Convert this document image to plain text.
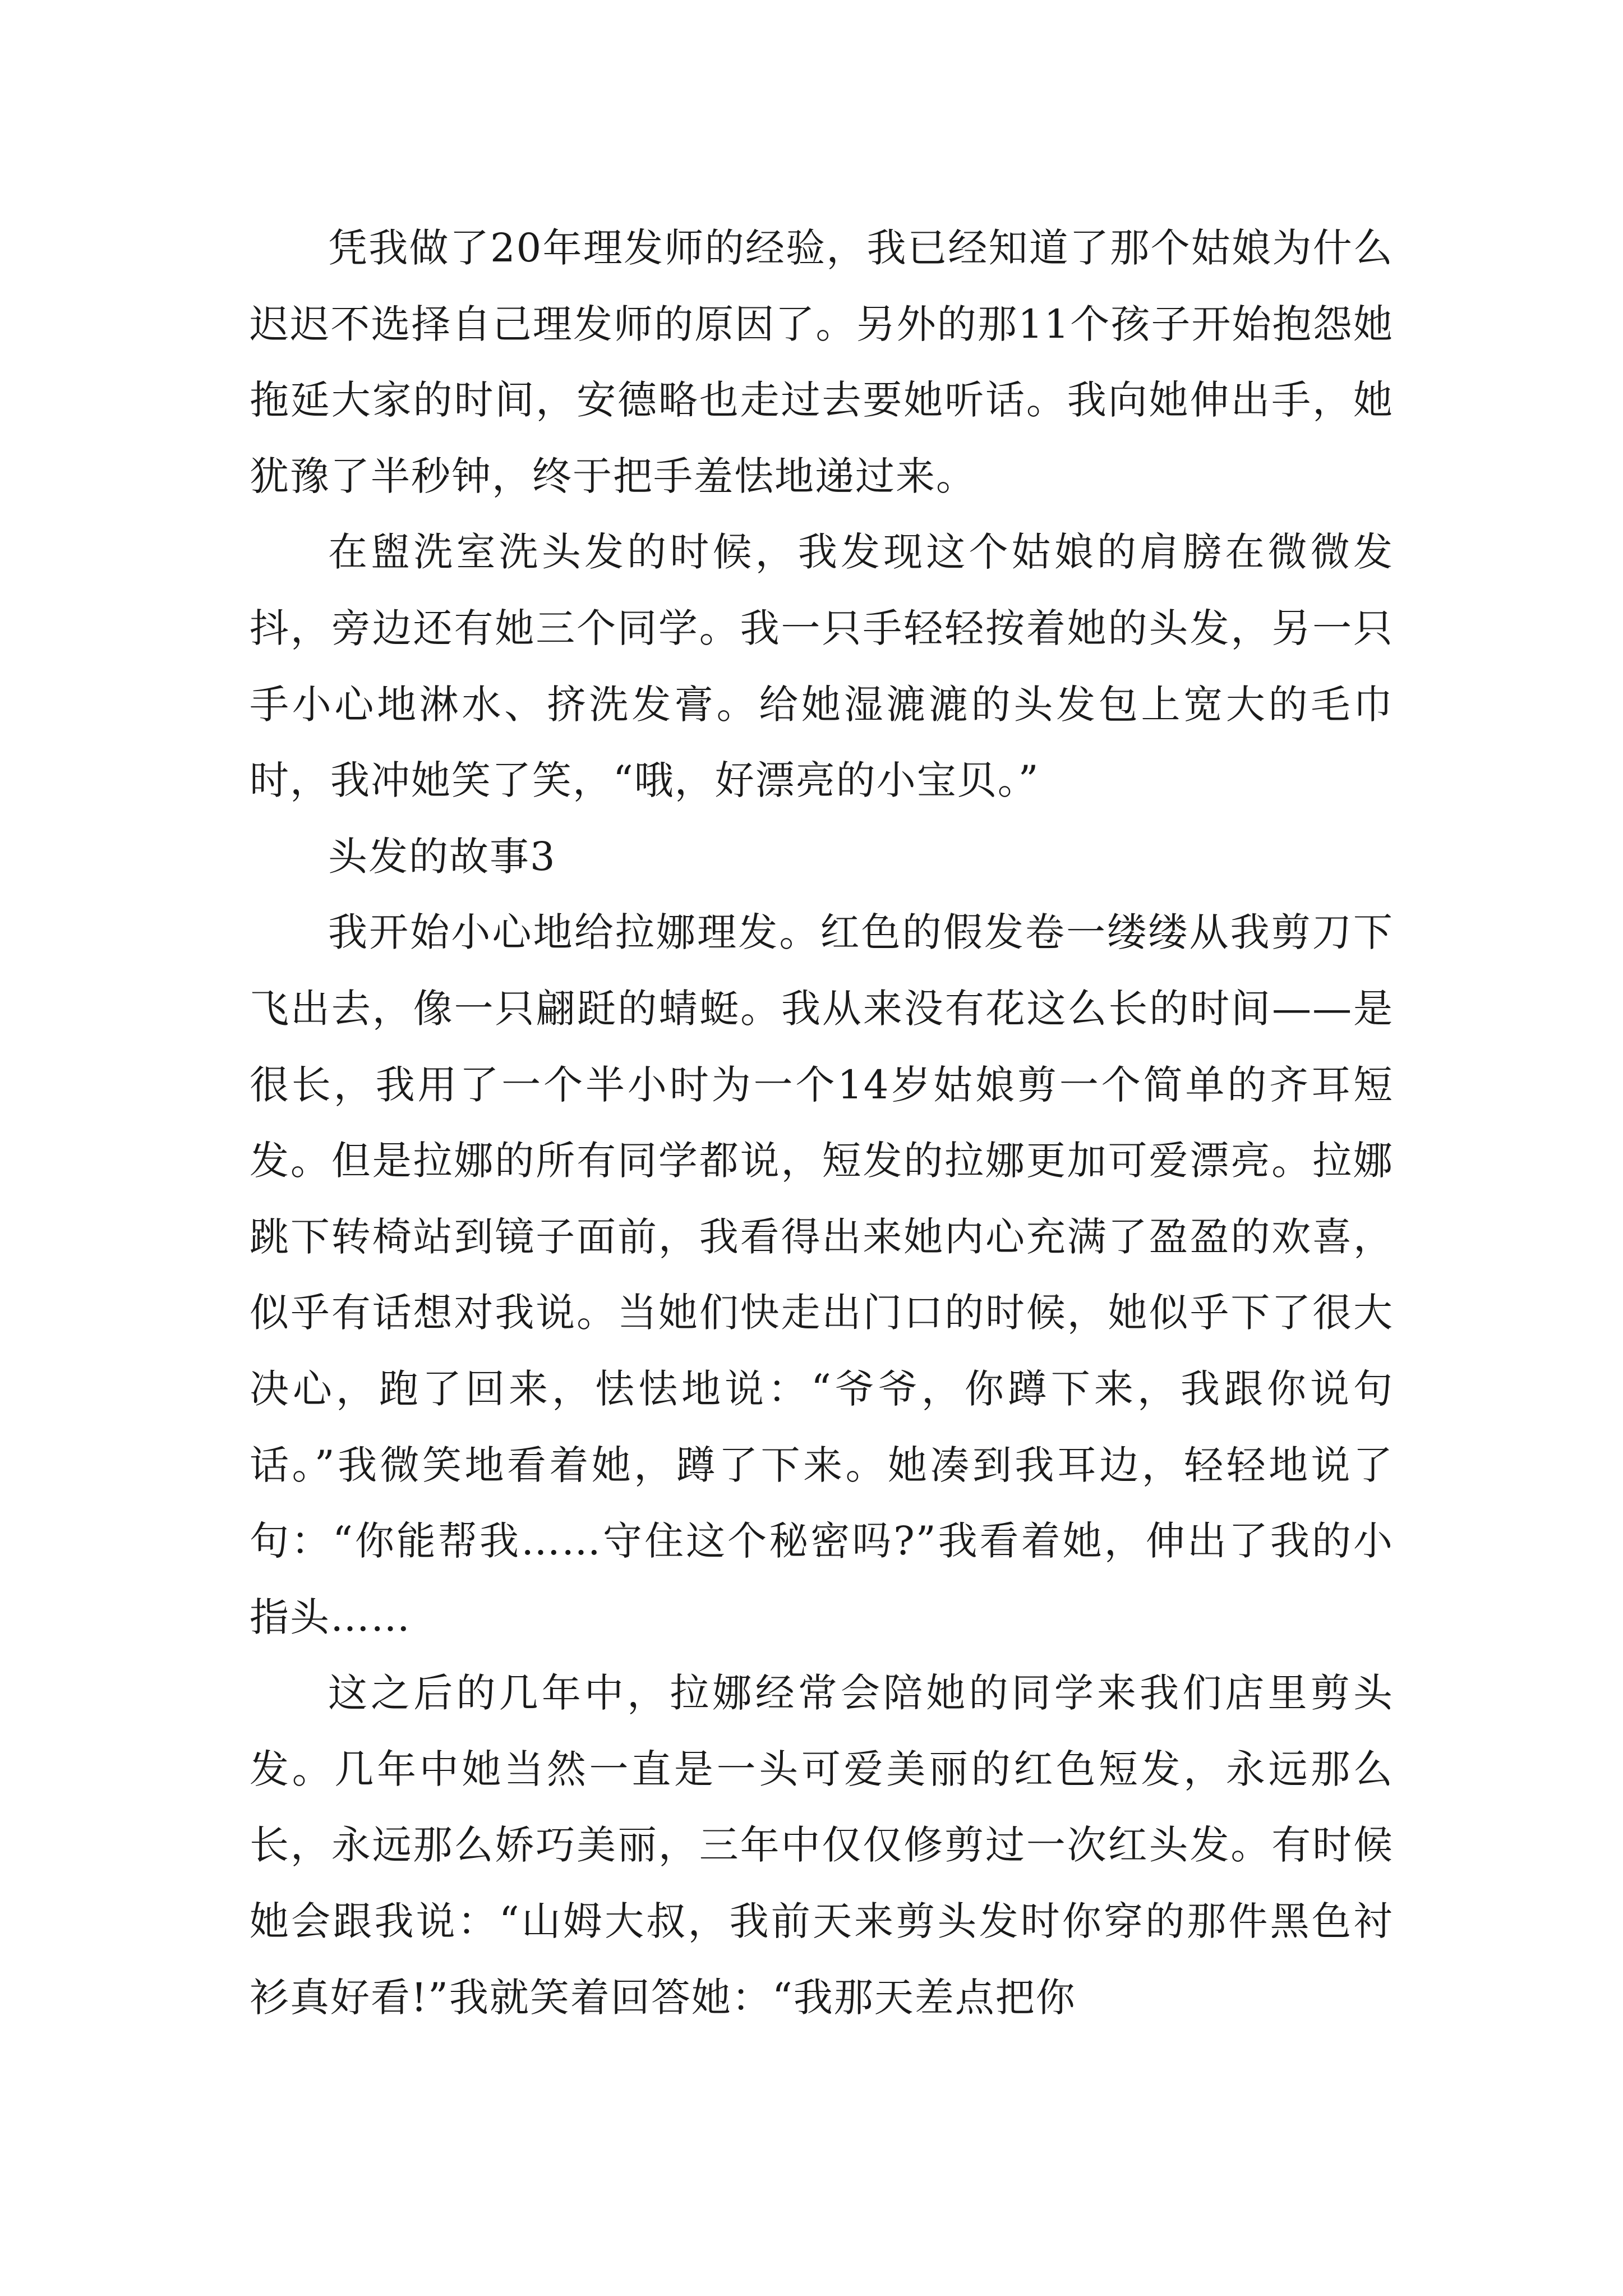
凭我做了20年理发师的经验，我已经知道了那个姑娘为什么迟迟不选择自己理发师的原因了。另外的那11个孩子开始抱怨她拖延大家的时间，安德略也走过去要她听话。我向她伸出手，她犹豫了半秒钟，终于把手羞怯地递过来。

在盥洗室洗头发的时候，我发现这个姑娘的肩膀在微微发抖，旁边还有她三个同学。我一只手轻轻按着她的头发，另一只手小心地淋水、挤洗发膏。给她湿漉漉的头发包上宽大的毛巾时，我冲她笑了笑，“哦，好漂亮的小宝贝。”

头发的故事3

我开始小心地给拉娜理发。红色的假发卷一缕缕从我剪刀下飞出去，像一只翩跹的蜻蜓。我从来没有花这么长的时间——是很长，我用了一个半小时为一个14岁姑娘剪一个简单的齐耳短发。但是拉娜的所有同学都说，短发的拉娜更加可爱漂亮。拉娜跳下转椅站到镜子面前，我看得出来她内心充满了盈盈的欢喜，似乎有话想对我说。当她们快走出门口的时候，她似乎下了很大决心，跑了回来，怯怯地说：“爷爷，你蹲下来，我跟你说句话。”我微笑地看着她，蹲了下来。她凑到我耳边，轻轻地说了句：“你能帮我……守住这个秘密吗?”我看着她，伸出了我的小指头……

这之后的几年中，拉娜经常会陪她的同学来我们店里剪头发。几年中她当然一直是一头可爱美丽的红色短发，永远那么长，永远那么娇巧美丽，三年中仅仅修剪过一次红头发。有时候她会跟我说：“山姆大叔，我前天来剪头发时你穿的那件黑色衬衫真好看!”我就笑着回答她：“我那天差点把你
